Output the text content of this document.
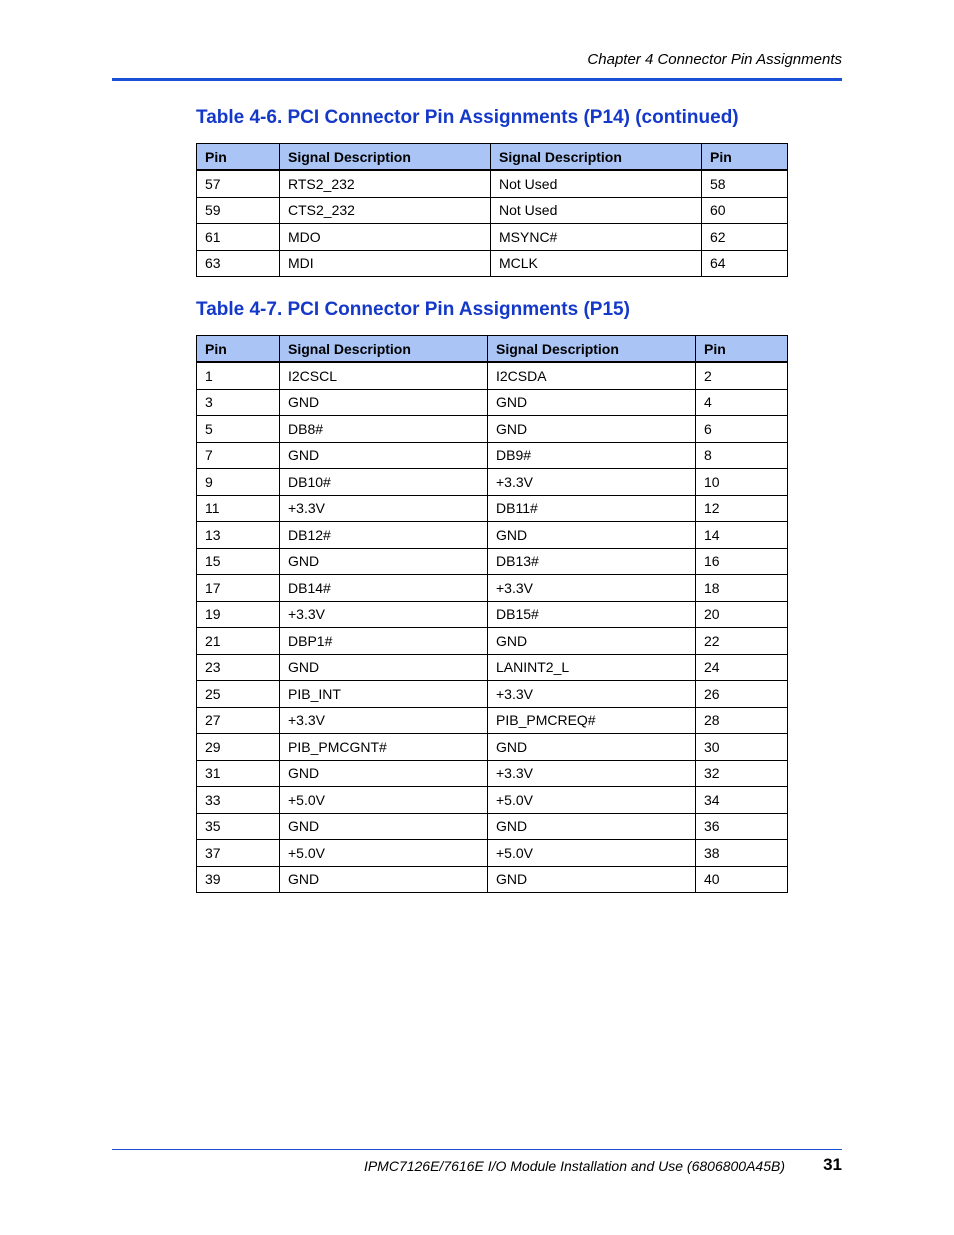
Chapter 4 Connector Pin Assignments
Table 4-6. PCI Connector Pin Assignments (P14) (continued)
Pin	Signal Description	Signal Description	Pin
57	RTS2_232	Not Used	58
59	CTS2_232	Not Used	60
61	MDO	MSYNC#	62
63	MDI	MCLK	64
Table 4-7. PCI Connector Pin Assignments (P15)
Pin	Signal Description	Signal Description	Pin
1	I2CSCL	I2CSDA	2
3	GND	GND	4
5	DB8#	GND	6
7	GND	DB9#	8
9	DB10#	+3.3V	10
11	+3.3V	DB11#	12
13	DB12#	GND	14
15	GND	DB13#	16
17	DB14#	+3.3V	18
19	+3.3V	DB15#	20
21	DBP1#	GND	22
23	GND	LANINT2_L	24
25	PIB_INT	+3.3V	26
27	+3.3V	PIB_PMCREQ#	28
29	PIB_PMCGNT#	GND	30
31	GND	+3.3V	32
33	+5.0V	+5.0V	34
35	GND	GND	36
37	+5.0V	+5.0V	38
39	GND	GND	40
IPMC7126E/7616E I/O Module Installation and Use (6806800A45B)	31
